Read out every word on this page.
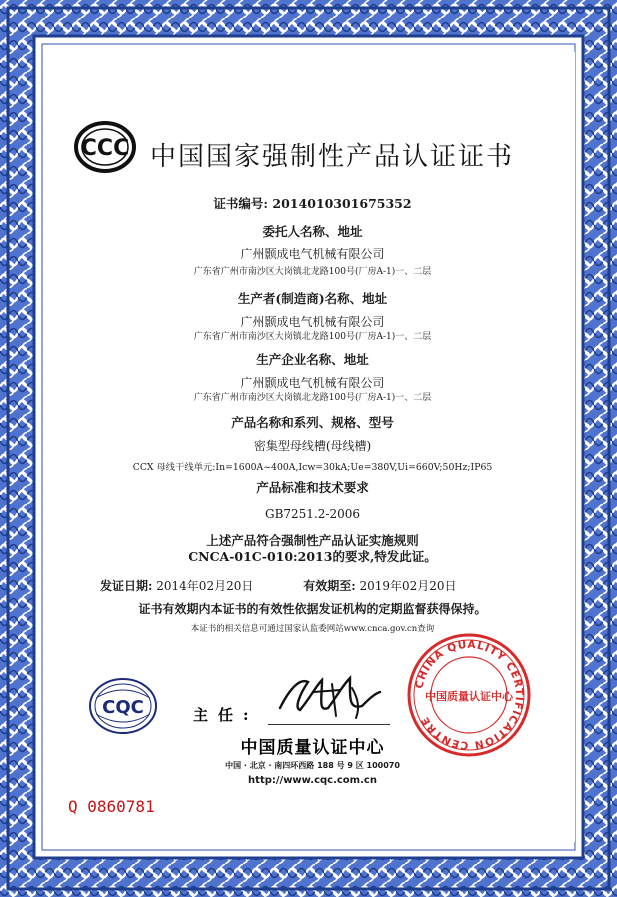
CCC 中国国家强制性产品认证证书
证书编号: 2014010301675352
委托人名称、地址
广州颢成电气机械有限公司
广东省广州市南沙区大岗镇北龙路100号(厂房A-1)一、二层
生产者(制造商)名称、地址
广州颢成电气机械有限公司
广东省广州市南沙区大岗镇北龙路100号(厂房A-1)一、二层
生产企业名称、地址
广州颢成电气机械有限公司
广东省广州市南沙区大岗镇北龙路100号(厂房A-1)一、二层
产品名称和系列、规格、型号
密集型母线槽(母线槽)
CCX 母线干线单元:In=1600A~400A,Icw=30kA;Ue=380V,Ui=660V;50Hz;IP65
产品标准和技术要求
GB7251.2-2006
上述产品符合强制性产品认证实施规则
CNCA-01C-010:2013的要求,特发此证。
发证日期: 2014年02月20日	有效期至: 2019年02月20日
证书有效期内本证书的有效性依据发证机构的定期监督获得保持。
本证书的相关信息可通过国家认监委网站www.cnca.gov.cn查询
CQC	主任:
CHINA QUALITY CERTIFICATION CENTRE
中国质量认证中心
中国质量认证中心
中国 · 北京 · 南四环西路 188 号 9 区 100070
http://www.cqc.com.cn
Q 0860781
